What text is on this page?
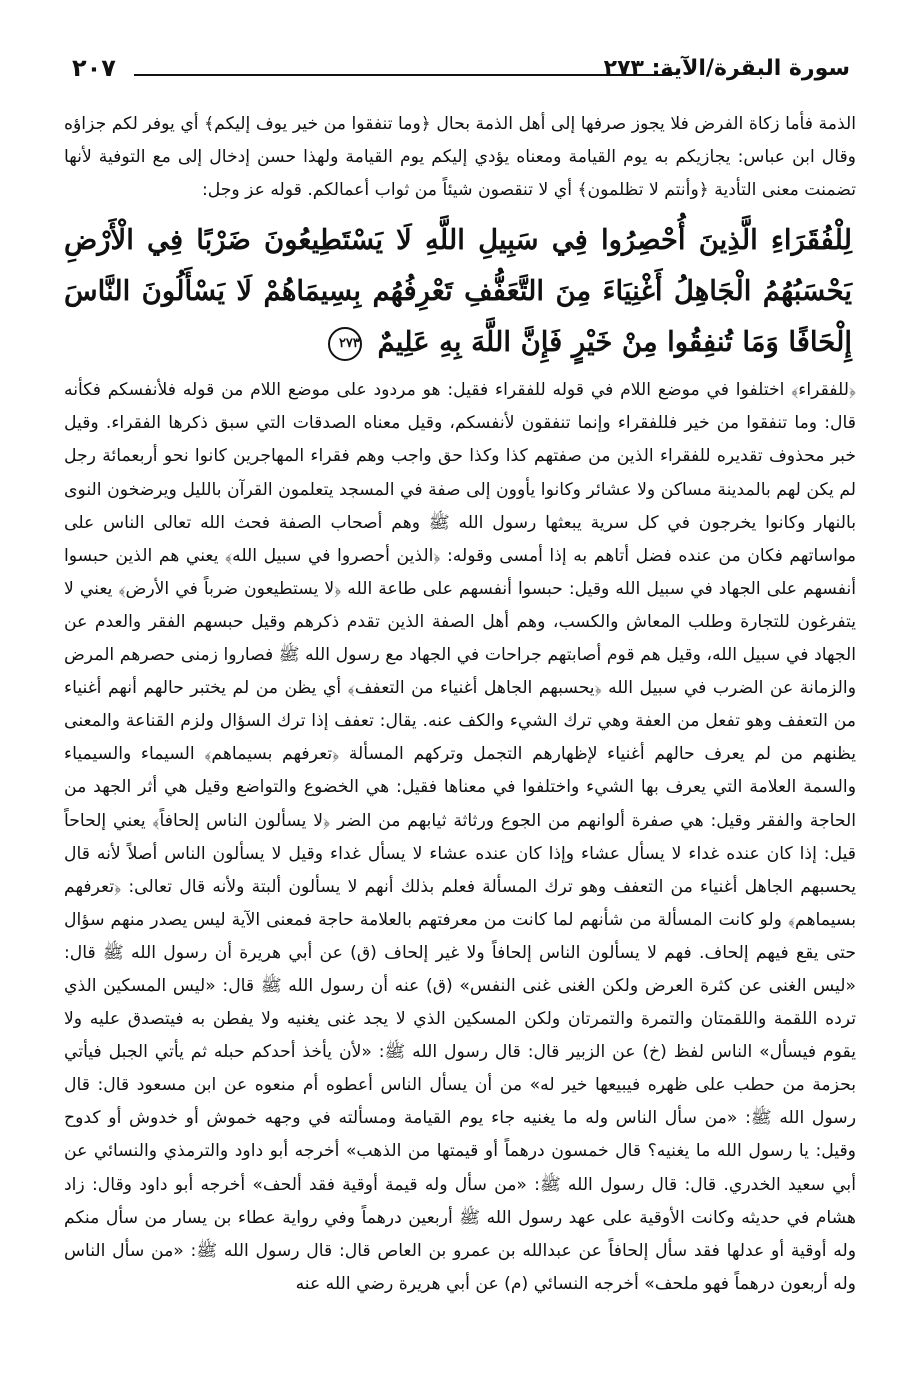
سورة البقرة/الآية: ٢٧٣
٢٠٧

الذمة فأما زكاة الفرض فلا يجوز صرفها إلى أهل الذمة بحال ﴿وما تنفقوا من خير يوف إليكم﴾ أي يوفر لكم جزاؤه وقال ابن عباس: يجازيكم به يوم القيامة ومعناه يؤدي إليكم يوم القيامة ولهذا حسن إدخال إلى مع التوفية لأنها تضمنت معنى التأدية ﴿وأنتم لا تظلمون﴾ أي لا تنقصون شيئاً من ثواب أعمالكم. قوله عز وجل:

لِلْفُقَرَاءِ الَّذِينَ أُحْصِرُوا فِي سَبِيلِ اللَّهِ لَا يَسْتَطِيعُونَ ضَرْبًا فِي الْأَرْضِ يَحْسَبُهُمُ الْجَاهِلُ أَغْنِيَاءَ مِنَ التَّعَفُّفِ تَعْرِفُهُم بِسِيمَاهُمْ لَا يَسْأَلُونَ النَّاسَ إِلْحَافًا وَمَا تُنفِقُوا مِنْ خَيْرٍ فَإِنَّ اللَّهَ بِهِ عَلِيمٌ ٢٧٣

﴿للفقراء﴾ اختلفوا في موضع اللام في قوله للفقراء فقيل: هو مردود على موضع اللام من قوله فلأنفسكم فكأنه قال: وما تنفقوا من خير فللفقراء وإنما تنفقون لأنفسكم، وقيل معناه الصدقات التي سبق ذكرها الفقراء. وقيل خبر محذوف تقديره للفقراء الذين من صفتهم كذا وكذا حق واجب وهم فقراء المهاجرين كانوا نحو أربعمائة رجل لم يكن لهم بالمدينة مساكن ولا عشائر وكانوا يأوون إلى صفة في المسجد يتعلمون القرآن بالليل ويرضخون النوى بالنهار وكانوا يخرجون في كل سرية يبعثها رسول الله ﷺ وهم أصحاب الصفة فحث الله تعالى الناس على مواساتهم فكان من عنده فضل أتاهم به إذا أمسى وقوله: ﴿الذين أحصروا في سبيل الله﴾ يعني هم الذين حبسوا أنفسهم على الجهاد في سبيل الله وقيل: حبسوا أنفسهم على طاعة الله ﴿لا يستطيعون ضرباً في الأرض﴾ يعني لا يتفرغون للتجارة وطلب المعاش والكسب، وهم أهل الصفة الذين تقدم ذكرهم وقيل حبسهم الفقر والعدم عن الجهاد في سبيل الله، وقيل هم قوم أصابتهم جراحات في الجهاد مع رسول الله ﷺ فصاروا زمنى حصرهم المرض والزمانة عن الضرب في سبيل الله ﴿يحسبهم الجاهل أغنياء من التعفف﴾ أي يظن من لم يختبر حالهم أنهم أغنياء من التعفف وهو تفعل من العفة وهي ترك الشيء والكف عنه. يقال: تعفف إذا ترك السؤال ولزم القناعة والمعنى يظنهم من لم يعرف حالهم أغنياء لإظهارهم التجمل وتركهم المسألة ﴿تعرفهم بسيماهم﴾ السيماء والسيمياء والسمة العلامة التي يعرف بها الشيء واختلفوا في معناها فقيل: هي الخضوع والتواضع وقيل هي أثر الجهد من الحاجة والفقر وقيل: هي صفرة ألوانهم من الجوع ورثاثة ثيابهم من الضر ﴿لا يسألون الناس إلحافاً﴾ يعني إلحاحاً قيل: إذا كان عنده غداء لا يسأل عشاء وإذا كان عنده عشاء لا يسأل غداء وقيل لا يسألون الناس أصلاً لأنه قال يحسبهم الجاهل أغنياء من التعفف وهو ترك المسألة فعلم بذلك أنهم لا يسألون ألبتة ولأنه قال تعالى: ﴿تعرفهم بسيماهم﴾ ولو كانت المسألة من شأنهم لما كانت من معرفتهم بالعلامة حاجة فمعنى الآية ليس يصدر منهم سؤال حتى يقع فيهم إلحاف. فهم لا يسألون الناس إلحافاً ولا غير إلحاف (ق) عن أبي هريرة أن رسول الله ﷺ قال: «ليس الغنى عن كثرة العرض ولكن الغنى غنى النفس» (ق) عنه أن رسول الله ﷺ قال: «ليس المسكين الذي ترده اللقمة واللقمتان والتمرة والتمرتان ولكن المسكين الذي لا يجد غنى يغنيه ولا يفطن به فيتصدق عليه ولا يقوم فيسأل» الناس لفظ (خ) عن الزبير قال: قال رسول الله ﷺ: «لأن يأخذ أحدكم حبله ثم يأتي الجبل فيأتي بحزمة من حطب على ظهره فيبيعها خير له» من أن يسأل الناس أعطوه أم منعوه عن ابن مسعود قال: قال رسول الله ﷺ: «من سأل الناس وله ما يغنيه جاء يوم القيامة ومسألته في وجهه خموش أو خدوش أو كدوح وقيل: يا رسول الله ما يغنيه؟ قال خمسون درهماً أو قيمتها من الذهب» أخرجه أبو داود والترمذي والنسائي عن أبي سعيد الخدري. قال: قال رسول الله ﷺ: «من سأل وله قيمة أوقية فقد ألحف» أخرجه أبو داود وقال: زاد هشام في حديثه وكانت الأوقية على عهد رسول الله ﷺ أربعين درهماً وفي رواية عطاء بن يسار من سأل منكم وله أوقية أو عدلها فقد سأل إلحافاً عن عبدالله بن عمرو بن العاص قال: قال رسول الله ﷺ: «من سأل الناس وله أربعون درهماً فهو ملحف» أخرجه النسائي (م) عن أبي هريرة رضي الله عنه
